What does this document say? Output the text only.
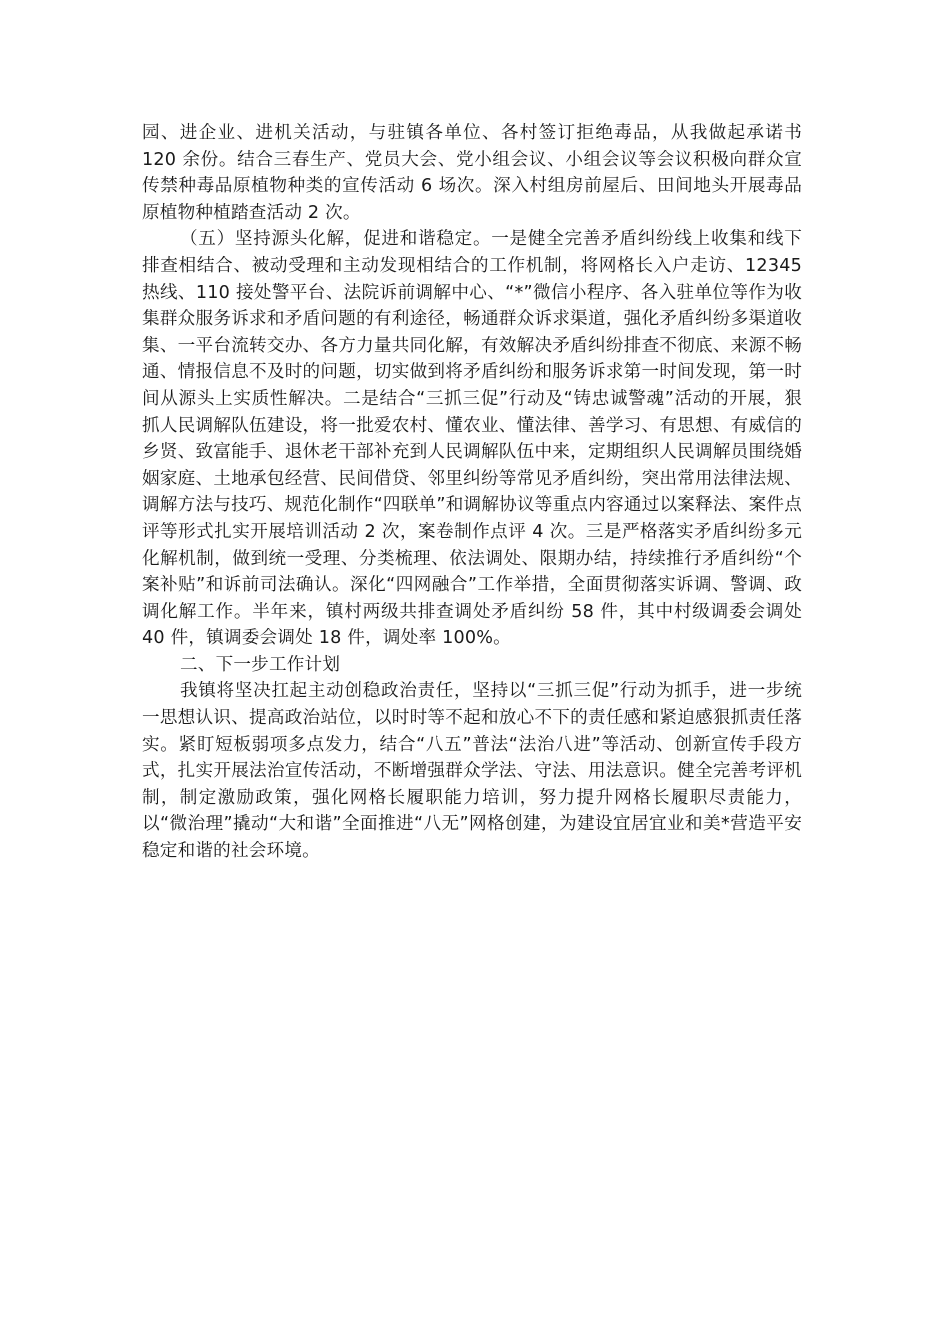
园、进企业、进机关活动，与驻镇各单位、各村签订拒绝毒品，从我做起承诺书 120 余份。结合三春生产、党员大会、党小组会议、小组会议等会议积极向群众宣传禁种毒品原植物种类的宣传活动 6 场次。深入村组房前屋后、田间地头开展毒品原植物种植踏查活动 2 次。

（五）坚持源头化解，促进和谐稳定。一是健全完善矛盾纠纷线上收集和线下排查相结合、被动受理和主动发现相结合的工作机制，将网格长入户走访、12345 热线、110 接处警平台、法院诉前调解中心、“*”微信小程序、各入驻单位等作为收集群众服务诉求和矛盾问题的有利途径，畅通群众诉求渠道，强化矛盾纠纷多渠道收集、一平台流转交办、各方力量共同化解，有效解决矛盾纠纷排查不彻底、来源不畅通、情报信息不及时的问题，切实做到将矛盾纠纷和服务诉求第一时间发现，第一时间从源头上实质性解决。二是结合“三抓三促”行动及“铸忠诚警魂”活动的开展，狠抓人民调解队伍建设，将一批爱农村、懂农业、懂法律、善学习、有思想、有威信的乡贤、致富能手、退休老干部补充到人民调解队伍中来，定期组织人民调解员围绕婚姻家庭、土地承包经营、民间借贷、邻里纠纷等常见矛盾纠纷，突出常用法律法规、调解方法与技巧、规范化制作“四联单”和调解协议等重点内容通过以案释法、案件点评等形式扎实开展培训活动 2 次，案卷制作点评 4 次。三是严格落实矛盾纠纷多元化解机制，做到统一受理、分类梳理、依法调处、限期办结，持续推行矛盾纠纷“个案补贴”和诉前司法确认。深化“四网融合”工作举措，全面贯彻落实诉调、警调、政调化解工作。半年来，镇村两级共排查调处矛盾纠纷 58 件，其中村级调委会调处 40 件，镇调委会调处 18 件，调处率 100%。

二、下一步工作计划

我镇将坚决扛起主动创稳政治责任，坚持以“三抓三促”行动为抓手，进一步统一思想认识、提高政治站位，以时时等不起和放心不下的责任感和紧迫感狠抓责任落实。紧盯短板弱项多点发力，结合“八五”普法“法治八进”等活动、创新宣传手段方式，扎实开展法治宣传活动，不断增强群众学法、守法、用法意识。健全完善考评机制，制定激励政策，强化网格长履职能力培训，努力提升网格长履职尽责能力，以“微治理”撬动“大和谐”全面推进“八无”网格创建，为建设宜居宜业和美*营造平安稳定和谐的社会环境。
